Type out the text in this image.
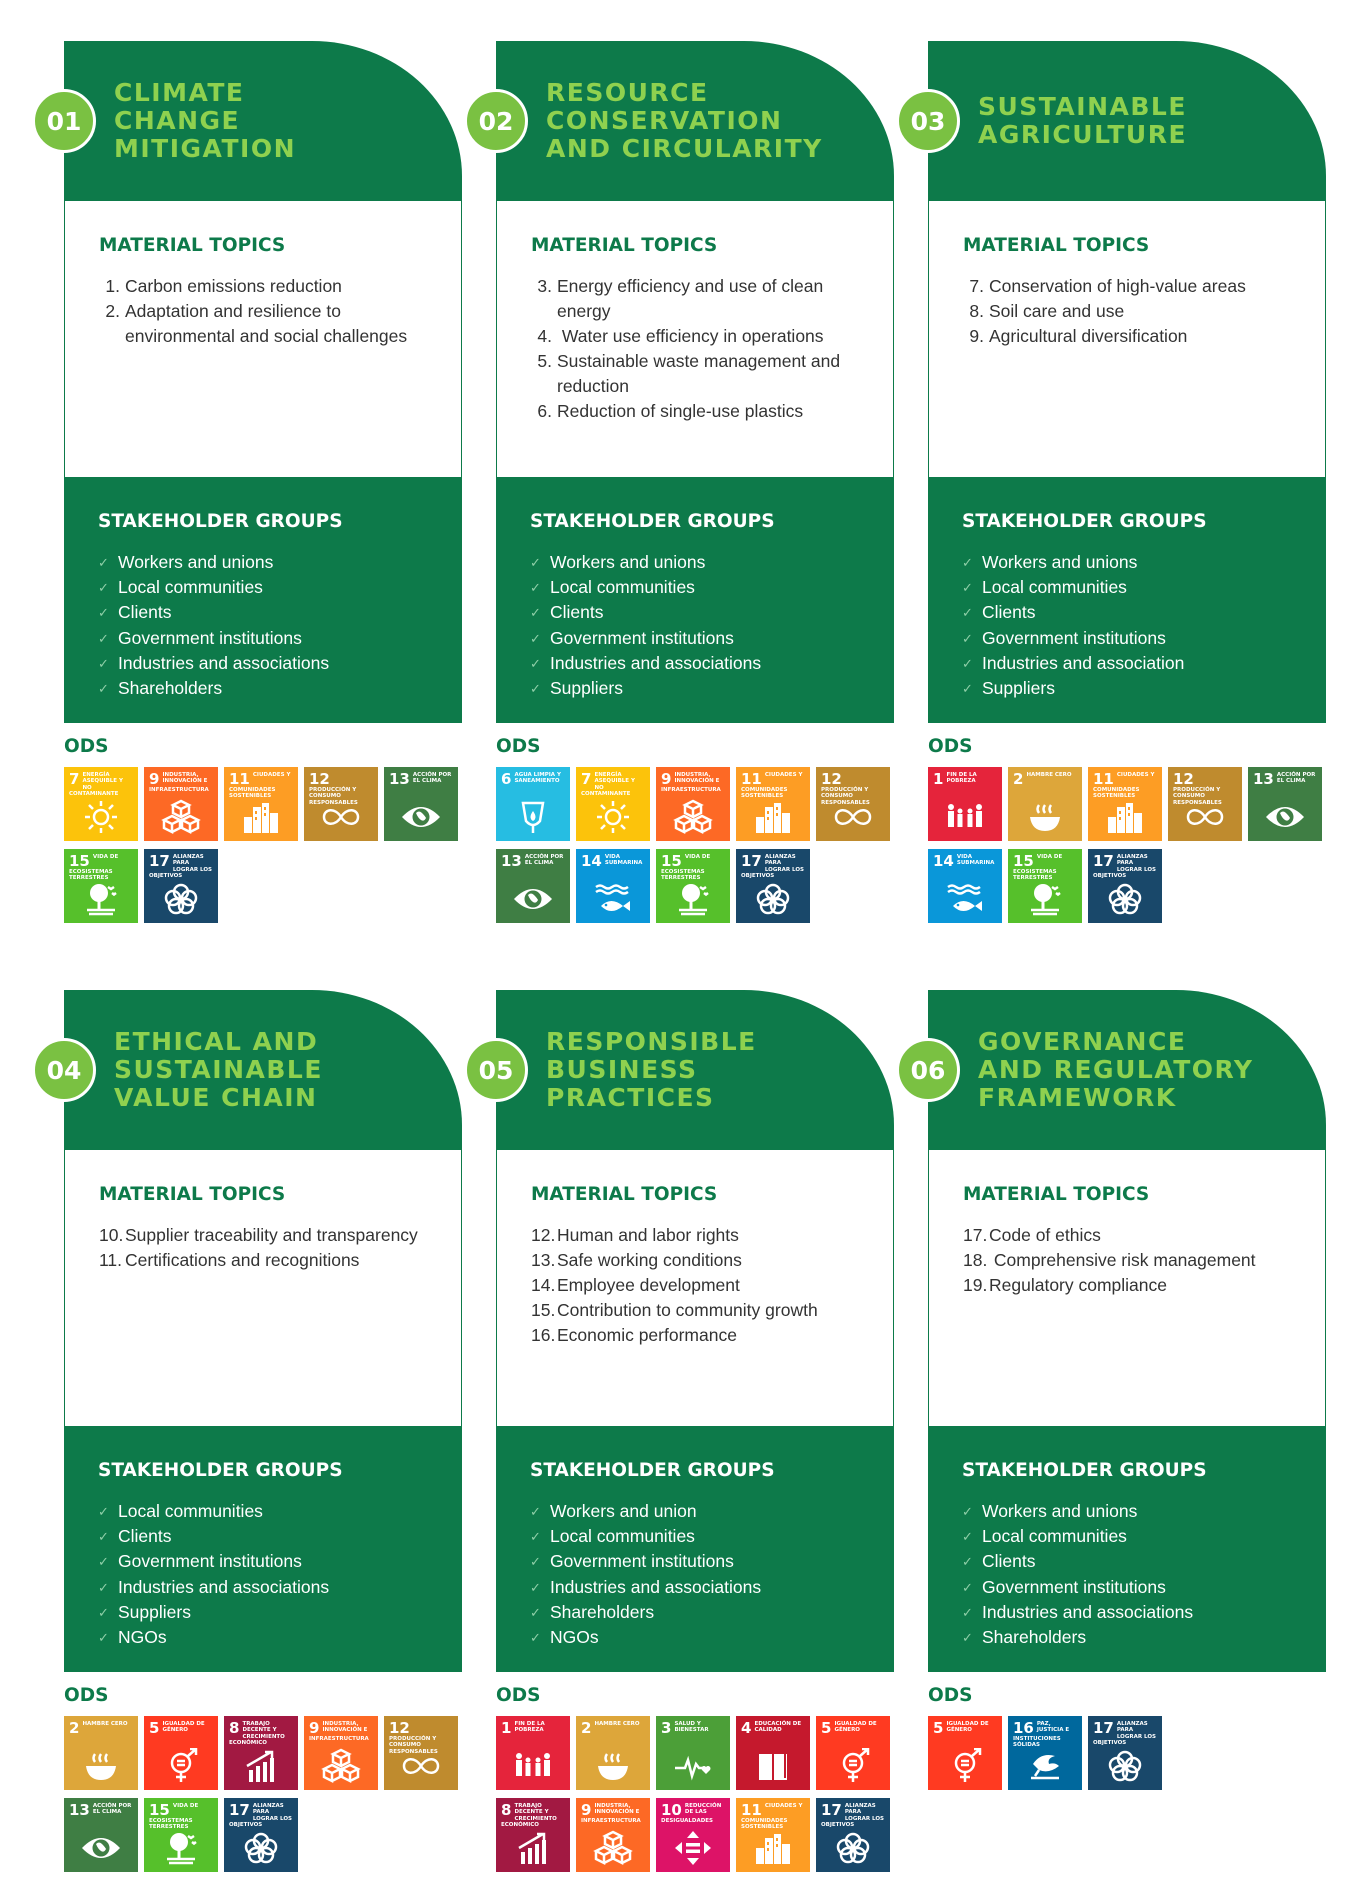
01
CLIMATE
CHANGE
MITIGATION
MATERIAL TOPICS
1. Carbon emissions reduction
2. Adaptation and resilience to environmental and social challenges
STAKEHOLDER GROUPS
✓ Workers and unions
✓ Local communities
✓ Clients
✓ Government institutions
✓ Industries and associations
✓ Shareholders
ODS
7 ENERGÍA ASEQUIBLE Y NO CONTAMINANTE
9 INDUSTRIA, INNOVACIÓN E INFRAESTRUCTURA
11 CIUDADES Y COMUNIDADES SOSTENIBLES
12
PRODUCCIÓN Y CONSUMO RESPONSABLES
13 ACCIÓN POR EL CLIMA
15 VIDA DE ECOSISTEMAS TERRESTRES
17 ALIANZAS PARA LOGRAR LOS OBJETIVOS
02
RESOURCE
CONSERVATION
AND CIRCULARITY
MATERIAL TOPICS
3. Energy efficiency and use of clean energy
4. Water use efficiency in operations
5. Sustainable waste management and reduction
6. Reduction of single-use plastics
STAKEHOLDER GROUPS
✓ Workers and unions
✓ Local communities
✓ Clients
✓ Government institutions
✓ Industries and associations
✓ Suppliers
ODS
6 AGUA LIMPIA Y SANEAMIENTO	7 ENERGÍA ASEQUIBLE Y NO CONTAMINANTE
9 INDUSTRIA, INNOVACIÓN E INFRAESTRUCTURA
11 CIUDADES Y COMUNIDADES SOSTENIBLES
12
PRODUCCIÓN Y CONSUMO RESPONSABLES
13 ACCIÓN POR EL CLIMA	14 VIDA SUBMARINA 15 VIDA DE ECOSISTEMAS TERRESTRES
17 ALIANZAS PARA LOGRAR LOS OBJETIVOS
03	SUSTAINABLE
AGRICULTURE
MATERIAL TOPICS
7. Conservation of high-value areas
8. Soil care and use
9. Agricultural diversification
STAKEHOLDER GROUPS
✓ Workers and unions
✓ Local communities
✓ Clients
✓ Government institutions
✓ Industries and association
✓ Suppliers
ODS
1 FIN DE LA POBREZA	2 HAMBRE CERO	11 CIUDADES Y COMUNIDADES SOSTENIBLES
12
PRODUCCIÓN Y CONSUMO RESPONSABLES
13 ACCIÓN POR EL CLIMA
14 VIDA SUBMARINA 15 VIDA DE ECOSISTEMAS TERRESTRES
17 ALIANZAS PARA LOGRAR LOS OBJETIVOS
04
ETHICAL AND
SUSTAINABLE
VALUE CHAIN
MATERIAL TOPICS
10. Supplier traceability and transparency
11. Certifications and recognitions
STAKEHOLDER GROUPS
✓ Local communities
✓ Clients
✓ Government institutions
✓ Industries and associations
✓ Suppliers
✓ NGOs
ODS
2 HAMBRE CERO	5 IGUALDAD DE GÉNERO	8 TRABAJO DECENTE Y CRECIMIENTO ECONÓMICO
9 INDUSTRIA, INNOVACIÓN E INFRAESTRUCTURA
12
PRODUCCIÓN Y CONSUMO RESPONSABLES
13 ACCIÓN POR EL CLIMA	15 VIDA DE ECOSISTEMAS TERRESTRES
17 ALIANZAS PARA LOGRAR LOS OBJETIVOS
05
RESPONSIBLE
BUSINESS
PRACTICES
MATERIAL TOPICS
12. Human and labor rights
13. Safe working conditions
14. Employee development
15. Contribution to community growth
16. Economic performance
STAKEHOLDER GROUPS
✓ Workers and union
✓ Local communities
✓ Government institutions
✓ Industries and associations
✓ Shareholders
✓ NGOs
ODS
1 FIN DE LA POBREZA	2 HAMBRE CERO	3 SALUD Y BIENESTAR	4 EDUCACIÓN DE CALIDAD	5 IGUALDAD DE GÉNERO
8 TRABAJO DECENTE Y CRECIMIENTO ECONÓMICO
9 INDUSTRIA, INNOVACIÓN E INFRAESTRUCTURA
10 REDUCCIÓN DE LAS DESIGUALDADES
11 CIUDADES Y COMUNIDADES SOSTENIBLES
17 ALIANZAS PARA LOGRAR LOS OBJETIVOS
06
GOVERNANCE
AND REGULATORY
FRAMEWORK
MATERIAL TOPICS
17. Code of ethics
18. Comprehensive risk management
19. Regulatory compliance
STAKEHOLDER GROUPS
✓ Workers and unions
✓ Local communities
✓ Clients
✓ Government institutions
✓ Industries and associations
✓ Shareholders
ODS
5 IGUALDAD DE GÉNERO	16 PAZ, JUSTICIA E INSTITUCIONES SÓLIDAS
17 ALIANZAS PARA LOGRAR LOS OBJETIVOS
